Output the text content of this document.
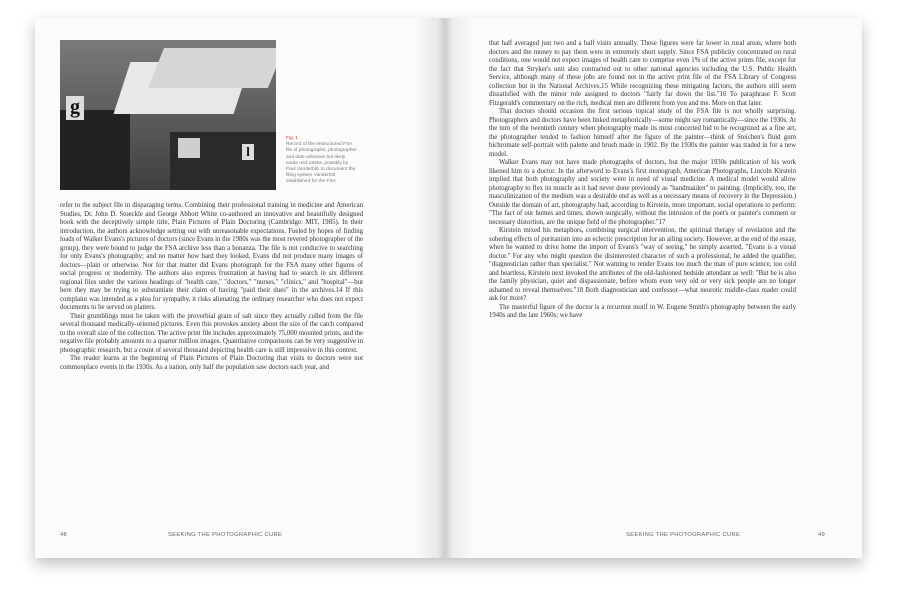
g
l
Fig. 1
Record of the restructured FSA file of photographs; photographer and date unknown but likely made mid-1940s, possibly by Paul Vanderbilt, to document the filing system Vanderbilt established for the FSA

refer to the subject file in disparaging terms. Combining their professional training in medicine and American Studies, Dr. John D. Stoeckle and George Abbott White co-authored an innovative and beautifully designed book with the deceptively simple title, Plain Pictures of Plain Doctoring (Cambridge: MIT, 1985). In their introduction, the authors acknowledge setting out with unreasonable expectations. Fueled by hopes of finding loads of Walker Evans's pictures of doctors (since Evans in the 1980s was the most revered photographer of the group), they were bound to judge the FSA archive less than a bonanza. The file is not conducive to searching for only Evans's photography; and no matter how hard they looked, Evans did not produce many images of doctors—plain or otherwise. Nor for that matter did Evans photograph for the FSA many other figures of social progress or modernity. The authors also express frustration at having had to search in six different regional files under the various headings of "health care," "doctors," "nurses," "clinics," and "hospital"—but here they may be trying to substantiate their claim of having "paid their dues" in the archives.14 If this complaint was intended as a plea for sympathy, it risks alienating the ordinary researcher who does not expect documents to be served on platters.

Their grumblings must be taken with the proverbial grain of salt since they actually culled from the file several thousand medically-oriented pictures. Even this provokes anxiety about the size of the catch compared to the overall size of the collection. The active print file includes approximately 75,000 mounted prints, and the negative file probably amounts to a quarter million images. Quantitative comparisons can be very suggestive in photographic research, but a count of several thousand depicting health care is still impressive in this context.

The reader learns at the beginning of Plain Pictures of Plain Doctoring that visits to doctors were not commonplace events in the 1930s. As a nation, only half the population saw doctors each year, and

48	SEEKING THE PHOTOGRAPHIC CURE

that half averaged just two and a half visits annually. These figures were far lower in rural areas, where both doctors and the money to pay them were in extremely short supply. Since FSA publicity concentrated on rural conditions, one would not expect images of health care to comprise even 1% of the active prints file, except for the fact that Stryker's unit also contracted out to other national agencies including the U.S. Public Health Service, although many of these jobs are found not in the active print file of the FSA Library of Congress collection but in the National Archives.15 While recognizing these mitigating factors, the authors still seem dissatisfied with the minor role assigned to doctors "fairly far down the list."16 To paraphrase F. Scott Fitzgerald's commentary on the rich, medical men are different from you and me. More on that later.

That doctors should occasion the first serious topical study of the FSA file is not wholly surprising. Photographers and doctors have been linked metaphorically—some might say romantically—since the 1930s. At the turn of the twentieth century when photography made its most concerted bid to be recognized as a fine art, the photographer tended to fashion himself after the figure of the painter—think of Steichen's fluid gum bichromate self-portrait with palette and brush made in 1902. By the 1930s the painter was traded in for a new model.

Walker Evans may not have made photographs of doctors, but the major 1930s publication of his work likened him to a doctor. In the afterword to Evans's first monograph, American Photographs, Lincoln Kirstein implied that both photography and society were in need of visual medicine. A medical model would allow photography to flex its muscle as it had never done previously as "handmaiden" to painting. (Implicitly, too, the masculinization of the medium was a desirable end as well as a necessary means of recovery in the Depression.) Outside the domain of art, photography had, according to Kirstein, more important, social operations to perform: "The fact of our homes and times, shown surgically, without the intrusion of the poet's or painter's comment or necessary distortion, are the unique field of the photographer."17

Kirstein mixed his metaphors, combining surgical intervention, the spiritual therapy of revelation and the sobering effects of puritanism into an eclectic prescription for an ailing society. However, at the end of the essay, when he wanted to drive home the import of Evans's "way of seeing," he simply asserted, "Evans is a visual doctor." For any who might question the disinterested character of such a professional, he added the qualifier, "diagnostician rather than specialist." Not wanting to render Evans too much the man of pure science, too cold and heartless, Kirstein next invoked the attributes of the old-fashioned bedside attendant as well: "But he is also the family physician, quiet and dispassionate, before whom even very old or very sick people are no longer ashamed to reveal themselves."18 Both diagnostician and confessor—what neurotic middle-class reader could ask for more?

The masterful figure of the doctor is a recurrent motif in W. Eugene Smith's photography between the early 1940s and the late 1960s; we have

SEEKING THE PHOTOGRAPHIC CURE	49
